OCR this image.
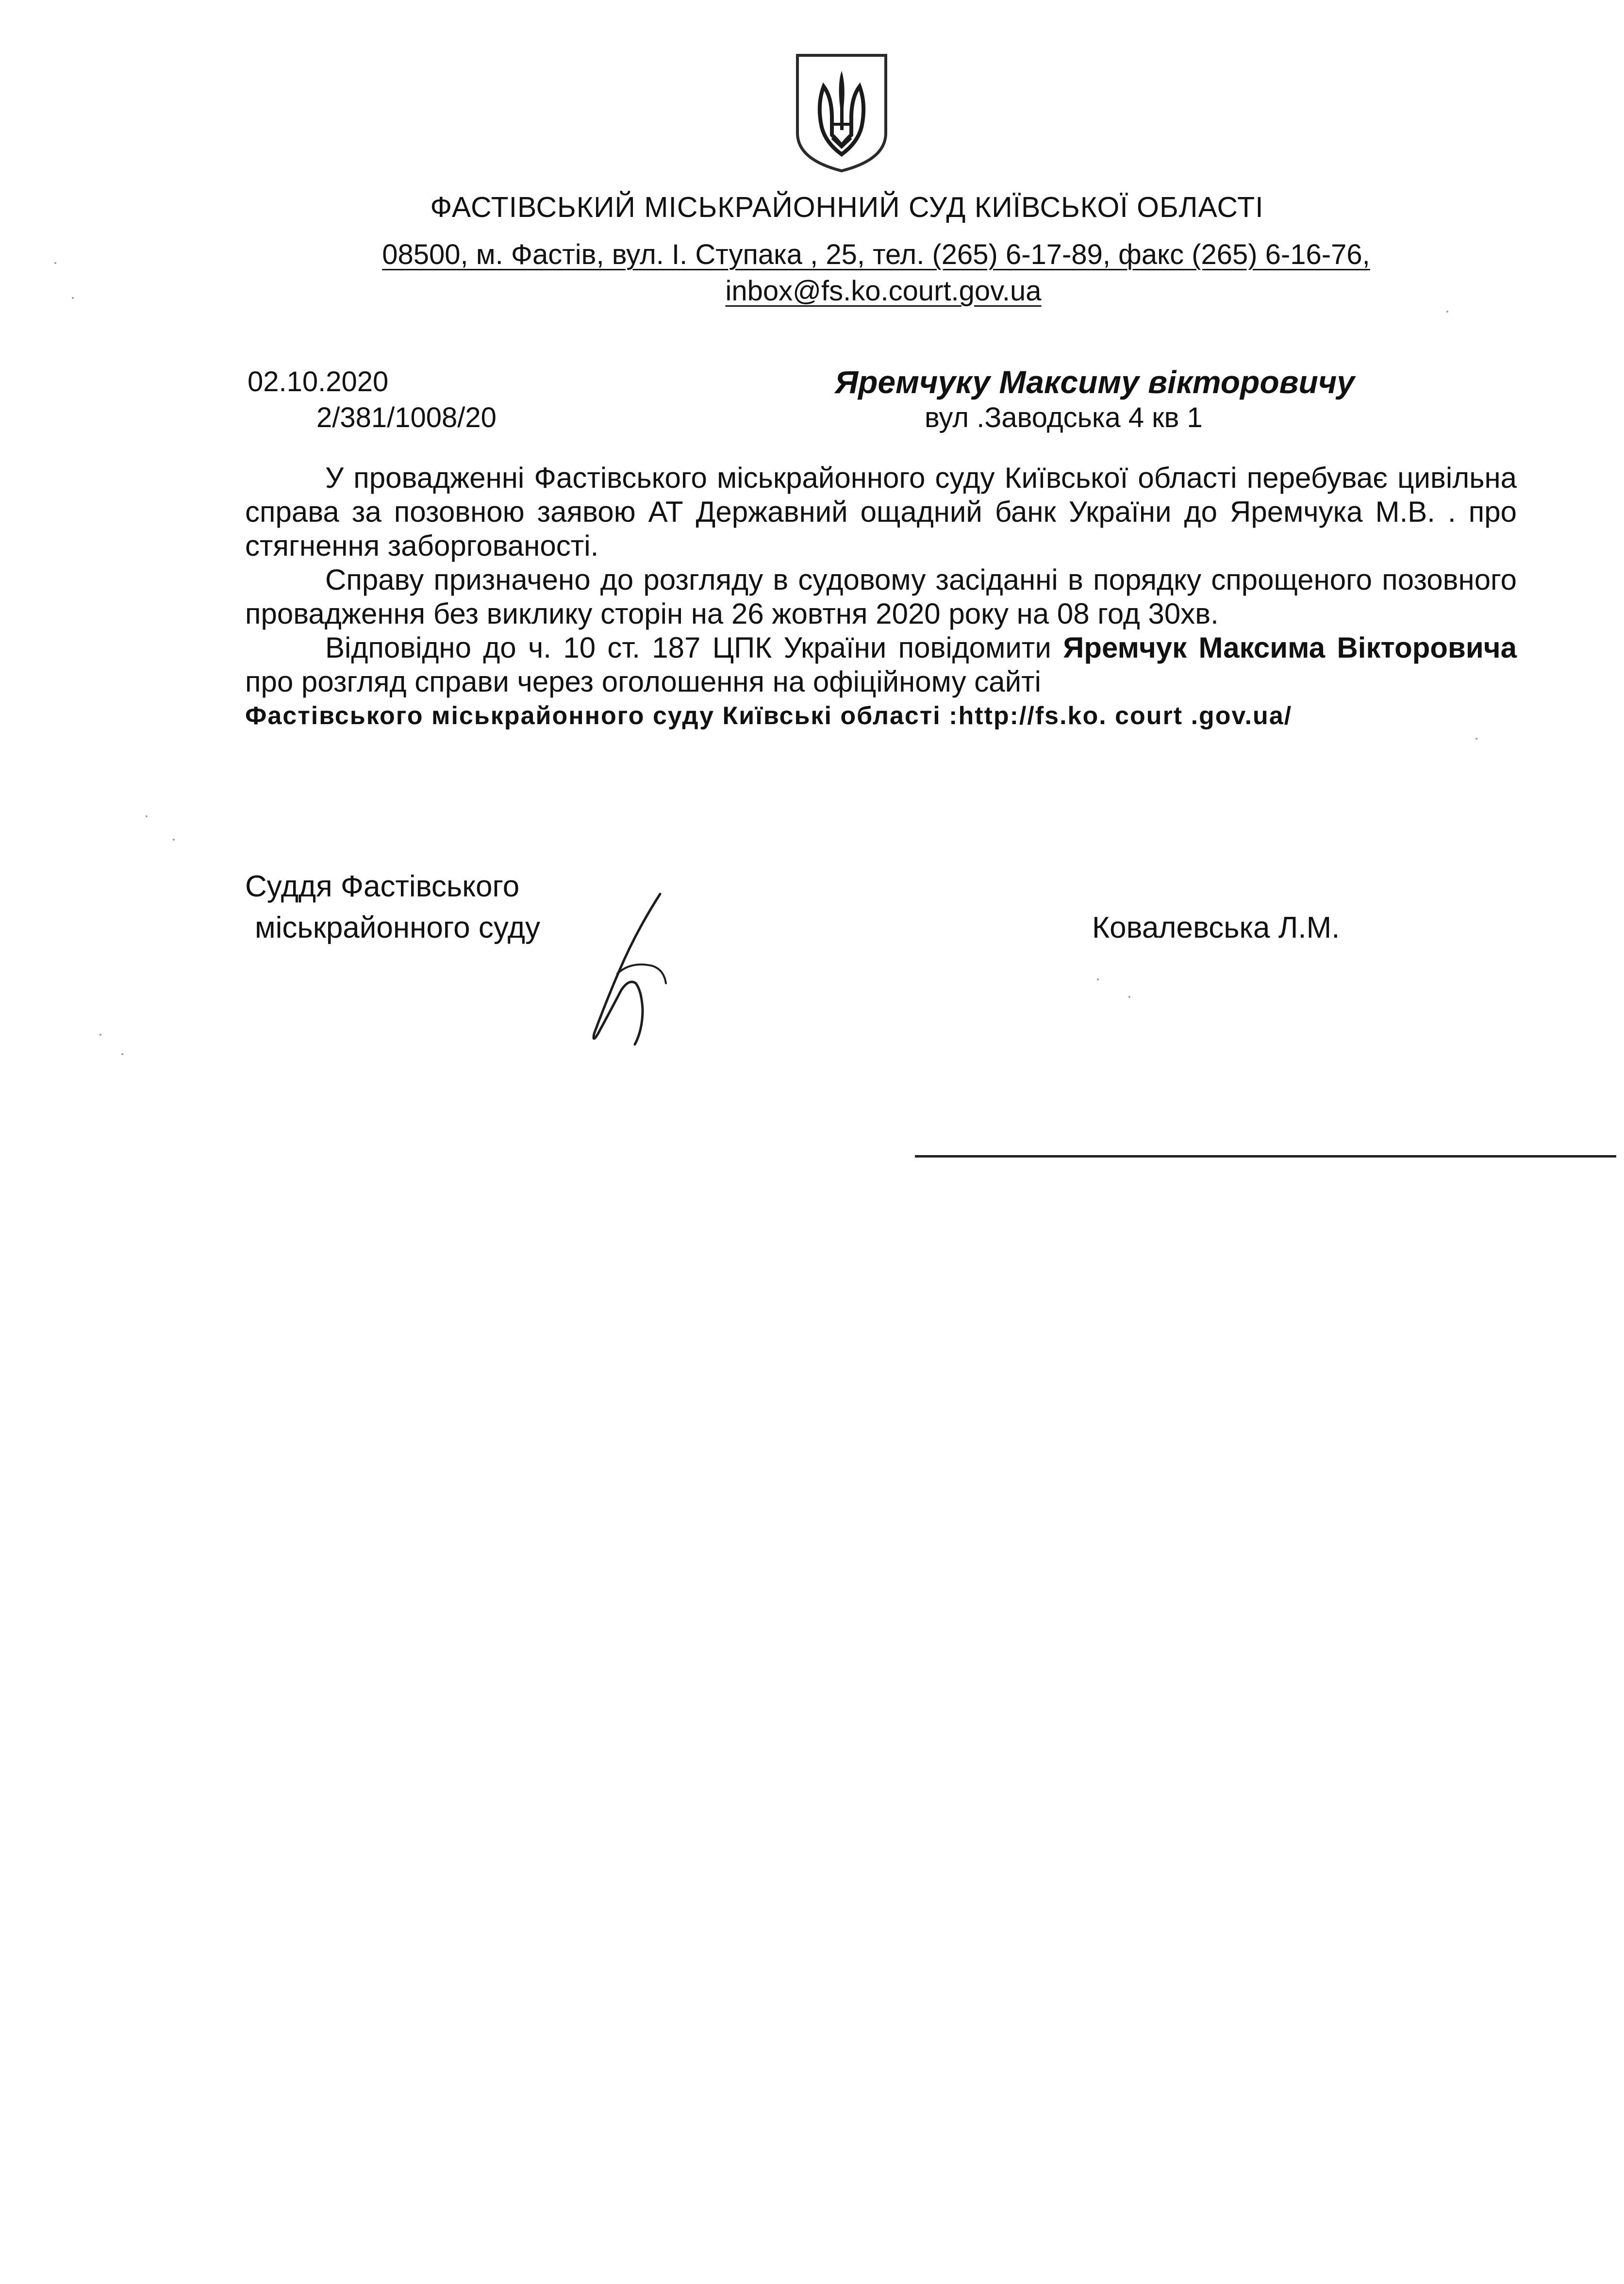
ФАСТІВСЬКИЙ МІСЬКРАЙОННИЙ СУД КИЇВСЬКОЇ ОБЛАСТІ
08500, м. Фастів, вул. І. Ступака , 25, тел. (265) 6-17-89, факс (265) 6-16-76,
inbox@fs.ko.court.gov.ua
02.10.2020
2/381/1008/20
Яремчуку Максиму вікторовичу
вул .Заводська 4 кв 1

У провадженні Фастівського міськрайонного суду Київської області перебуває цивільна справа за позовною заявою АТ Державний ощадний банк України до Яремчука М.В. . про стягнення заборгованості.

Справу призначено до розгляду в судовому засіданні в порядку спрощеного позовного провадження без виклику сторін на 26 жовтня 2020 року на 08 год 30хв.

Відповідно до ч. 10 ст. 187 ЦПК України повідомити Яремчук Максима Вікторовича про розгляд справи через оголошення на офіційному сайті

Фастівського міськрайонного суду Київські області :http://fs.ko. court .gov.ua/

Суддя Фастівського
міськрайонного суду	Ковалевська Л.М.
